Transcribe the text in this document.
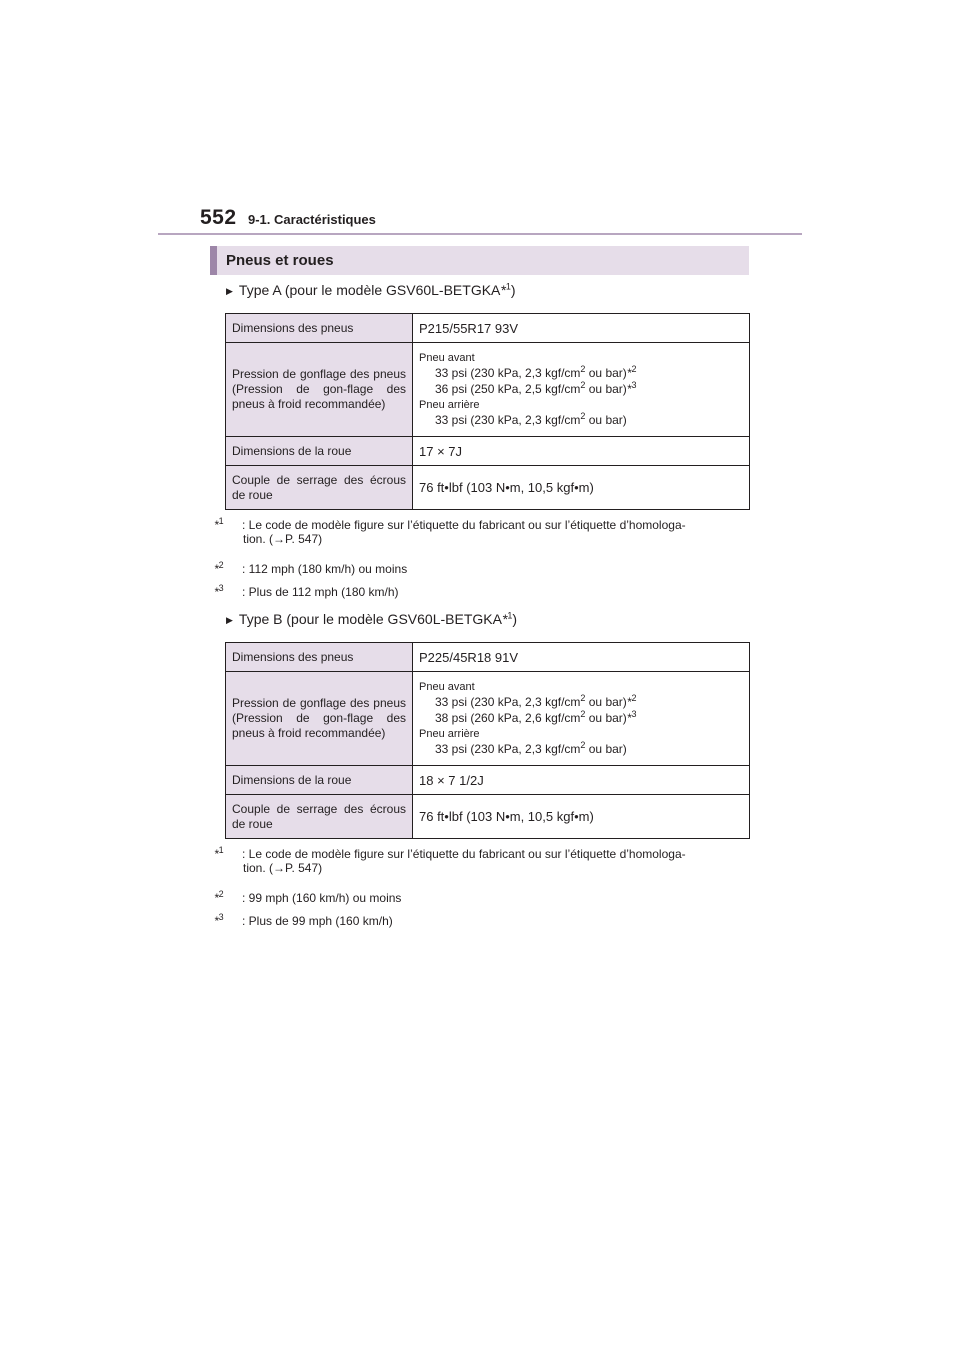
552 9-1. Caractéristiques
Pneus et roues
▶ Type A (pour le modèle GSV60L-BETGKA*$^1$)
Dimensions des pneus	P215/55R17 93V
Pression de gonflage des pneus (Pression de gon-flage des pneus à froid recommandée)	Pneu avant
33 psi (230 kPa, 2,3 kgf/$cm^2$ ou bar)*$^2$
36 psi (250 kPa, 2,5 kgf/$cm^2$ ou bar)*$^3$
Pneu arrière
33 psi (230 kPa, 2,3 kgf/$cm^2$ ou bar)

Dimensions de la roue	17 × 7J
Couple de serrage des écrous de roue	76 ft•lbf (103 N•m, 10,5 kgf•m)
*$^1$ : Le code de modèle figure sur l’étiquette du fabricant ou sur l’étiquette d’homologa-
tion. (→P. 547)
*$^2$ : 112 mph (180 km/h) ou moins
*$^3$ : Plus de 112 mph (180 km/h)
▶ Type B (pour le modèle GSV60L-BETGKA*$^1$)
Dimensions des pneus	P225/45R18 91V
Pression de gonflage des pneus (Pression de gon-flage des pneus à froid recommandée)	Pneu avant
33 psi (230 kPa, 2,3 kgf/$cm^2$ ou bar)*$^2$
38 psi (260 kPa, 2,6 kgf/$cm^2$ ou bar)*$^3$
Pneu arrière
33 psi (230 kPa, 2,3 kgf/$cm^2$ ou bar)

Dimensions de la roue	18 × 7 1/2J
Couple de serrage des écrous de roue	76 ft•lbf (103 N•m, 10,5 kgf•m)
*$^1$ : Le code de modèle figure sur l’étiquette du fabricant ou sur l’étiquette d’homologa-
tion. (→P. 547)
*$^2$ : 99 mph (160 km/h) ou moins
*$^3$ : Plus de 99 mph (160 km/h)
